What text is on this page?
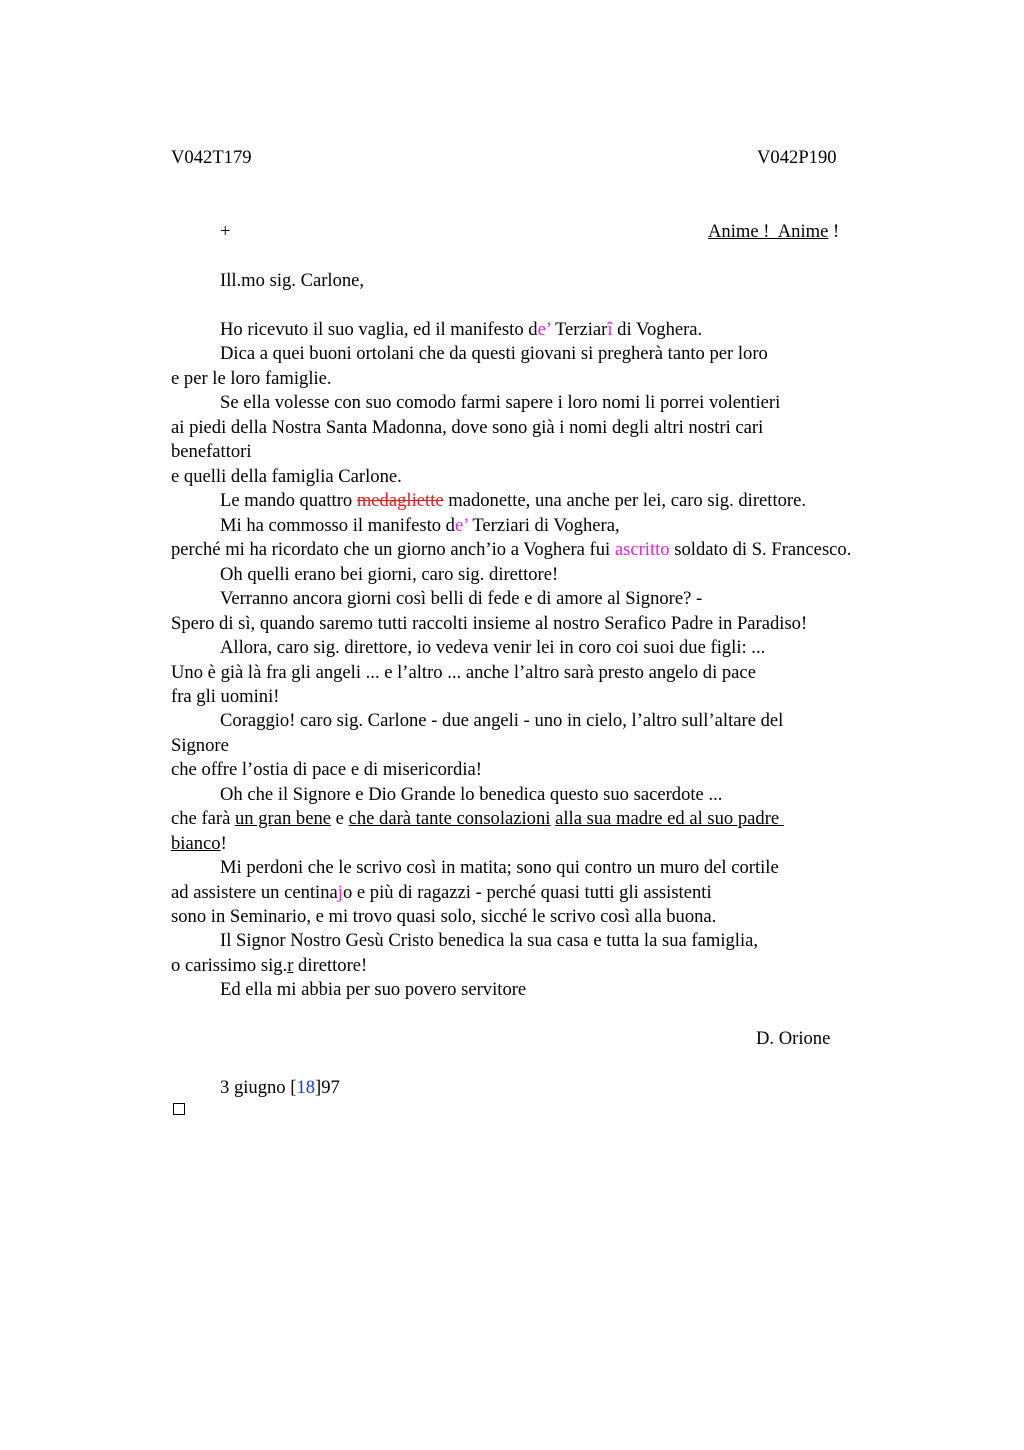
V042T179	V042P190
+	Anime ! Anime !
Ill.mo sig. Carlone,
Ho ricevuto il suo vaglia, ed il manifesto de’ Terziarî di Voghera.
Dica a quei buoni ortolani che da questi giovani si pregherà tanto per loro
e per le loro famiglie.
Se ella volesse con suo comodo farmi sapere i loro nomi li porrei volentieri
ai piedi della Nostra Santa Madonna, dove sono già i nomi degli altri nostri cari
benefattori
e quelli della famiglia Carlone.
Le mando quattro medagliette madonette, una anche per lei, caro sig. direttore.
Mi ha commosso il manifesto de’ Terziari di Voghera,
perché mi ha ricordato che un giorno anch’io a Voghera fui ascritto soldato di S. Francesco.
Oh quelli erano bei giorni, caro sig. direttore!
Verranno ancora giorni così belli di fede e di amore al Signore? -
Spero di sì, quando saremo tutti raccolti insieme al nostro Serafico Padre in Paradiso!
Allora, caro sig. direttore, io vedeva venir lei in coro coi suoi due figli: ...
Uno è già là fra gli angeli ... e l’altro ... anche l’altro sarà presto angelo di pace
fra gli uomini!
Coraggio! caro sig. Carlone - due angeli - uno in cielo, l’altro sull’altare del
Signore
che offre l’ostia di pace e di misericordia!
Oh che il Signore e Dio Grande lo benedica questo suo sacerdote ...
che farà un gran bene e che darà tante consolazioni alla sua madre ed al suo padre
bianco!
Mi perdoni che le scrivo così in matita; sono qui contro un muro del cortile
ad assistere un centinajo e più di ragazzi - perché quasi tutti gli assistenti
sono in Seminario, e mi trovo quasi solo, sicché le scrivo così alla buona.
Il Signor Nostro Gesù Cristo benedica la sua casa e tutta la sua famiglia,
o carissimo sig.r direttore!
Ed ella mi abbia per suo povero servitore
D. Orione
3 giugno [18]97
